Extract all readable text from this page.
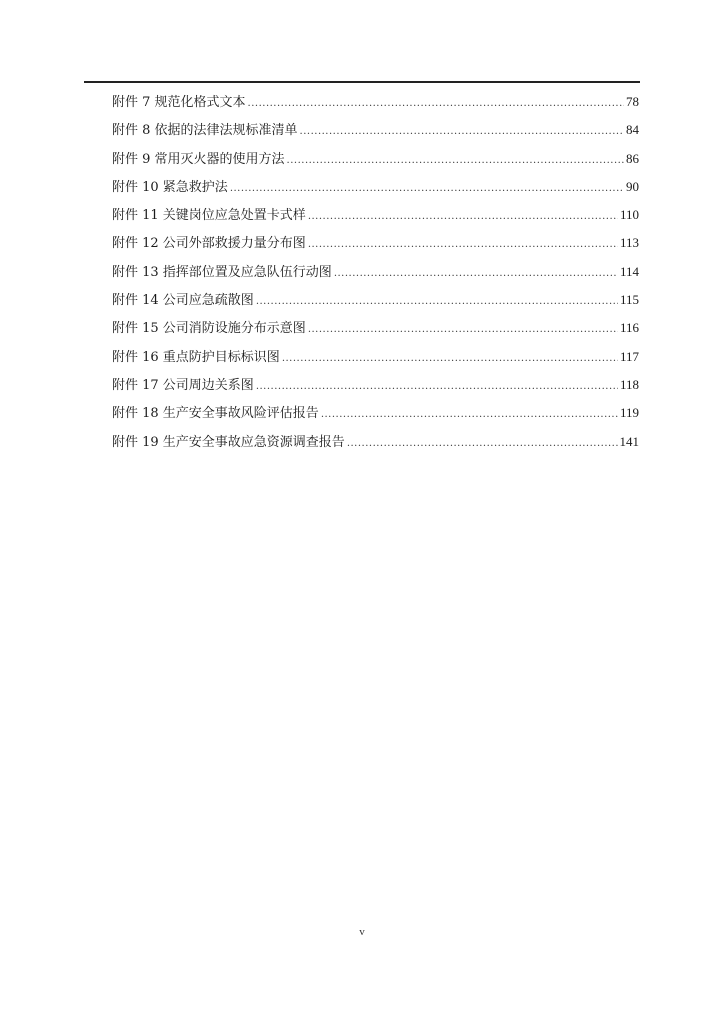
附件 7 规范化格式文本 .....	78
附件 8 依据的法律法规标准清单 .....	84
附件 9 常用灭火器的使用方法 .....	86
附件 10 紧急救护法 .....	90
附件 11 关键岗位应急处置卡式样 .....	110
附件 12 公司外部救援力量分布图 .....	113
附件 13 指挥部位置及应急队伍行动图 .....	114
附件 14 公司应急疏散图 .....	115
附件 15 公司消防设施分布示意图 .....	116
附件 16 重点防护目标标识图 .....	117
附件 17 公司周边关系图 .....	118
附件 18 生产安全事故风险评估报告 .....	119
附件 19 生产安全事故应急资源调查报告 .....	141
v
